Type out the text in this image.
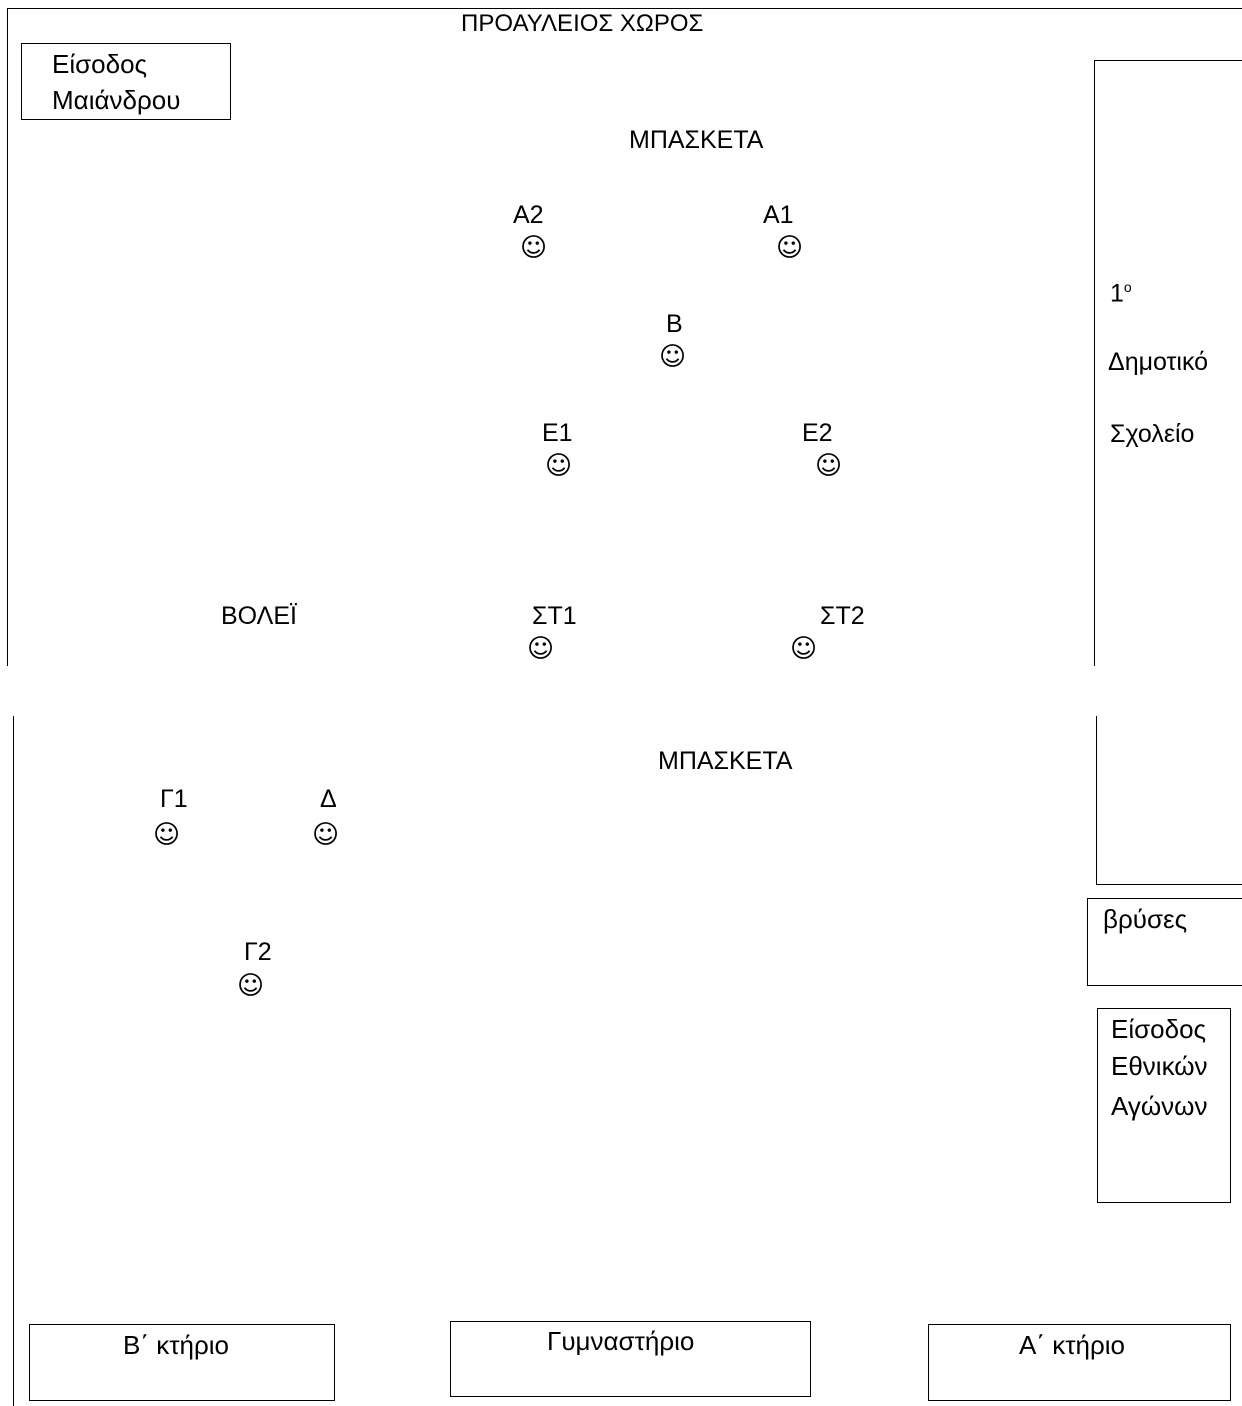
ΠΡΟΑΥΛΕΙΟΣ ΧΩΡΟΣ
Είσοδος
Μαιάνδρου
ΜΠΑΣΚΕΤΑ
$1^o$
Δημοτικό
Σχολείο
Α2
☺
Α1
☺
Β
☺
Ε1
☺
Ε2
☺
ΒΟΛΕΪ	ΣΤ1
☺
ΣΤ2
☺
ΜΠΑΣΚΕΤΑ
Γ1
☺
Δ
☺
Γ2
☺
βρύσες
Είσοδος
Εθνικών
Αγώνων
Β΄ κτήριο	Γυμναστήριο	Α΄ κτήριο
